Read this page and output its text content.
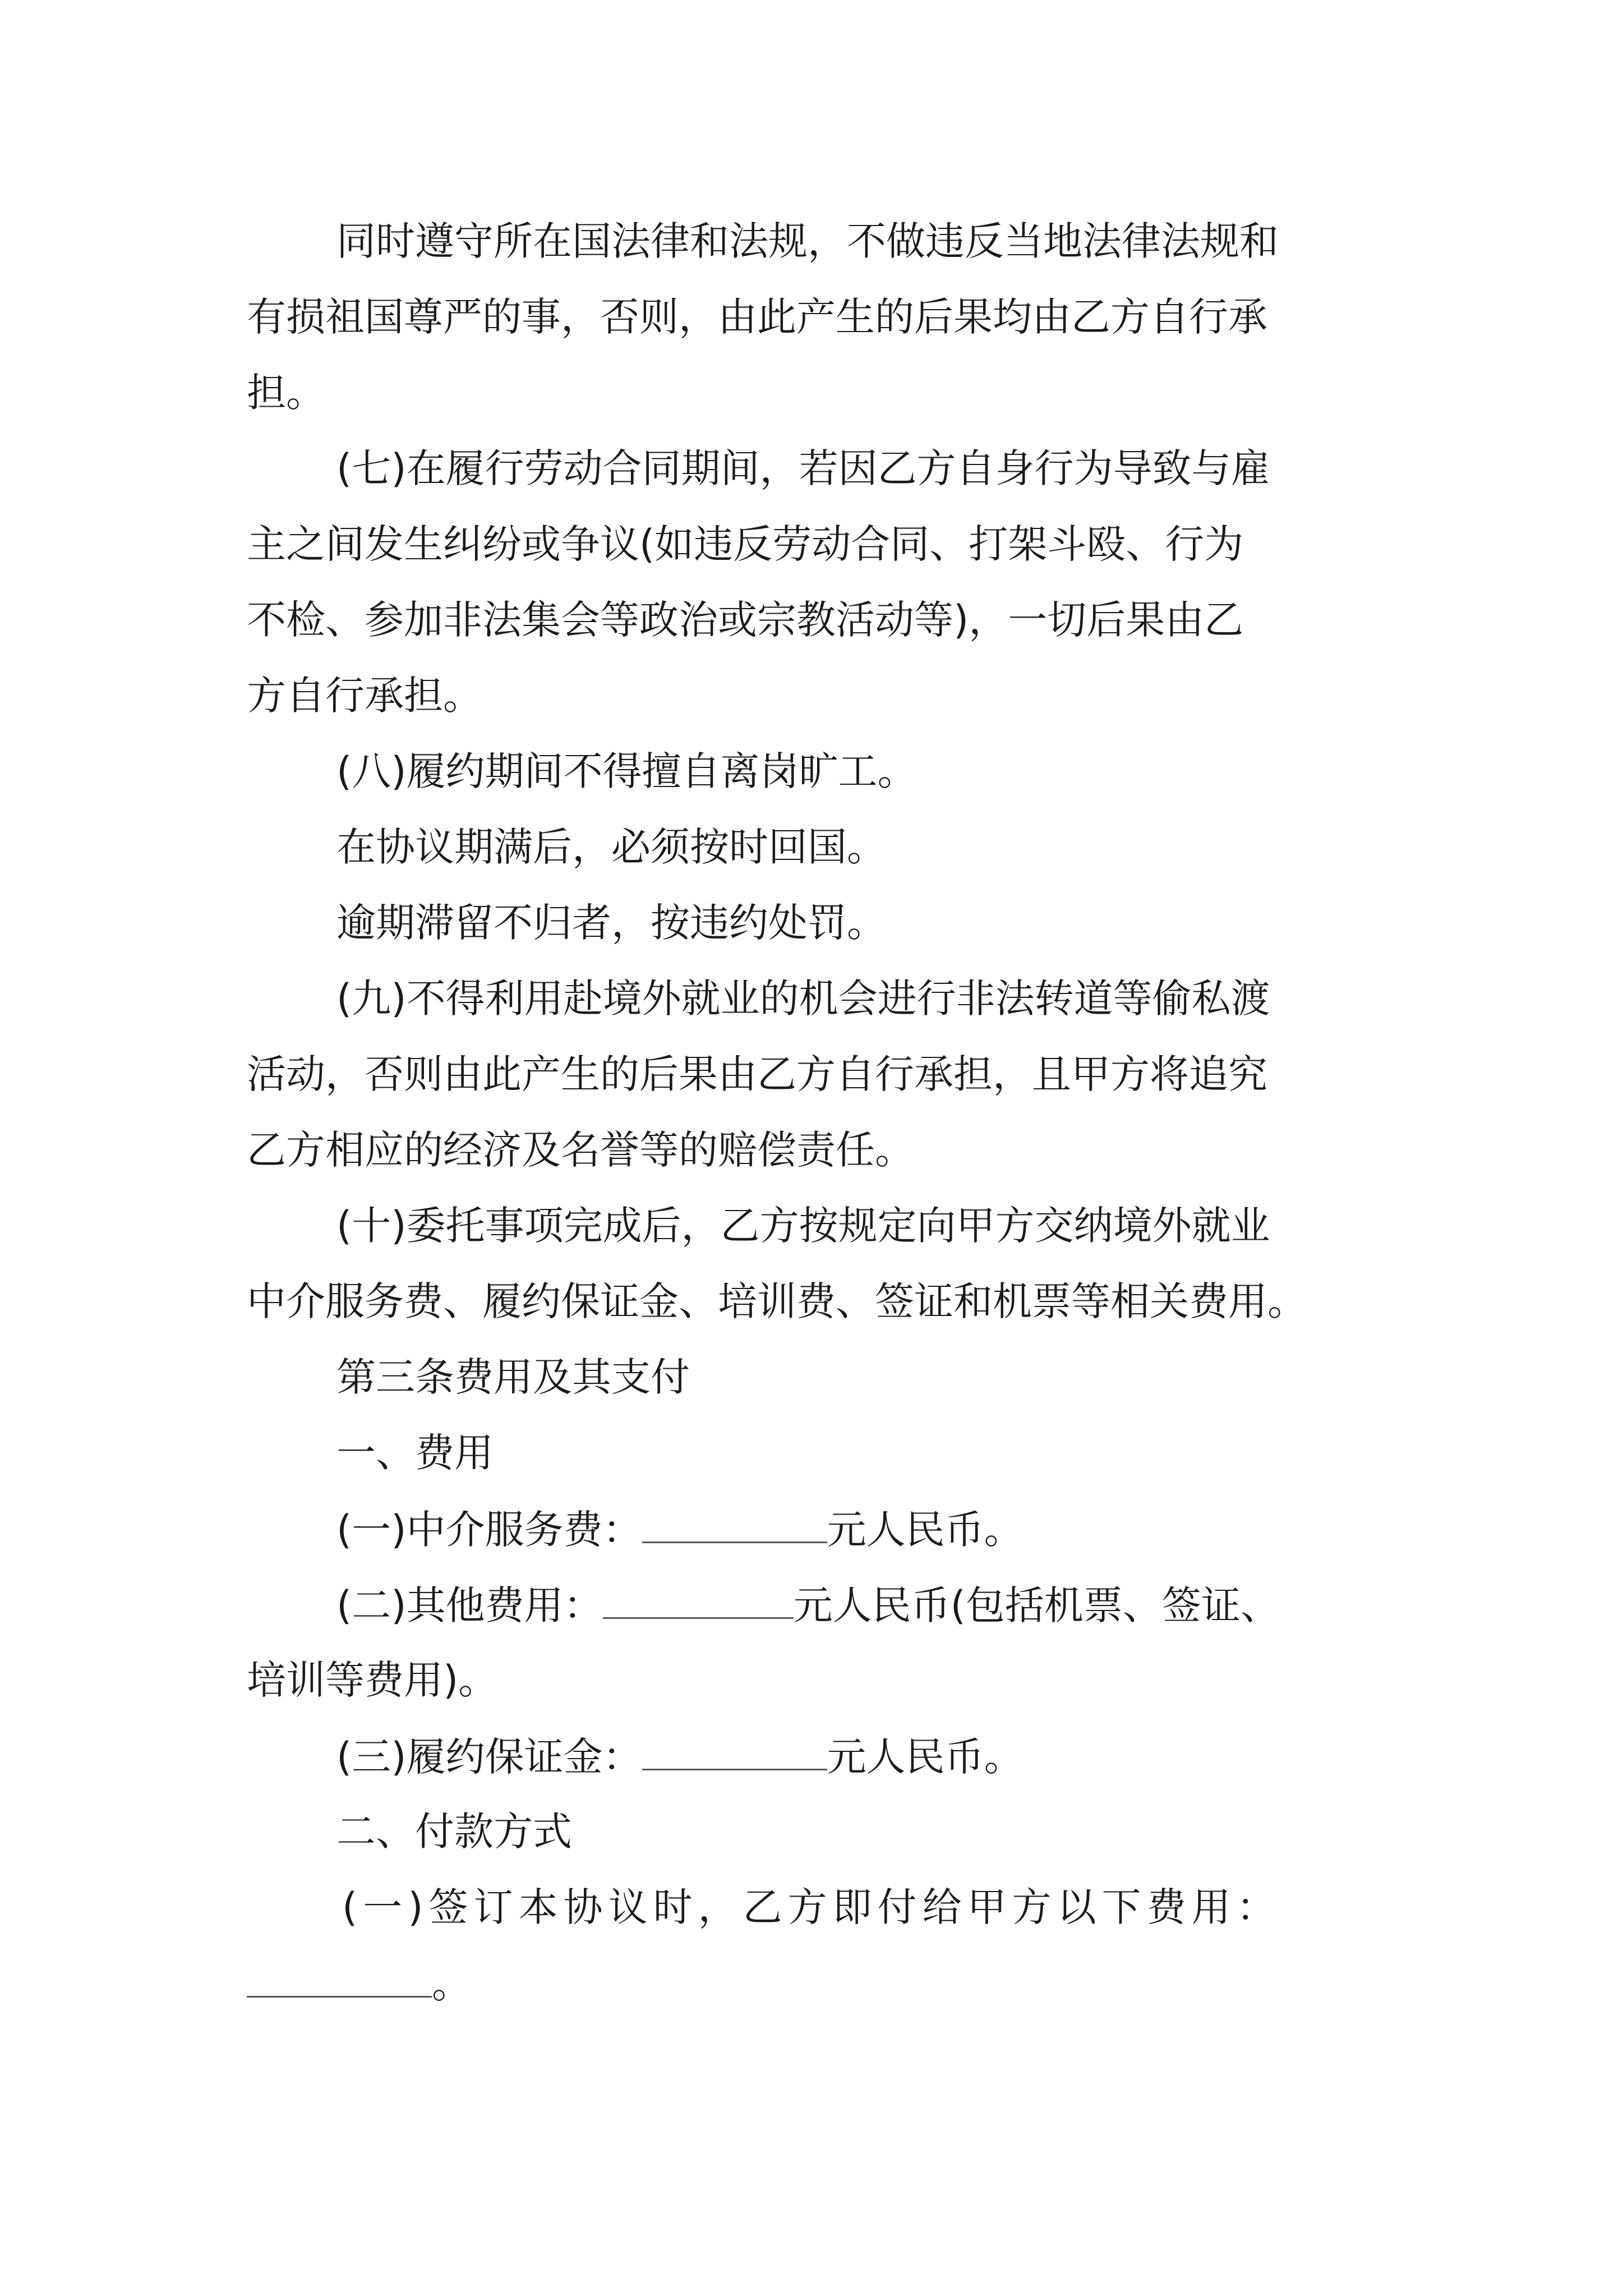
同时遵守所在国法律和法规，不做违反当地法律法规和
有损祖国尊严的事，否则，由此产生的后果均由乙方自行承
担。
(七)在履行劳动合同期间，若因乙方自身行为导致与雇
主之间发生纠纷或争议(如违反劳动合同、打架斗殴、行为
不检、参加非法集会等政治或宗教活动等)，一切后果由乙
方自行承担。
(八)履约期间不得擅自离岗旷工。
在协议期满后，必须按时回国。
逾期滞留不归者，按违约处罚。
(九)不得利用赴境外就业的机会进行非法转道等偷私渡
活动，否则由此产生的后果由乙方自行承担，且甲方将追究
乙方相应的经济及名誉等的赔偿责任。
(十)委托事项完成后，乙方按规定向甲方交纳境外就业
中介服务费、履约保证金、培训费、签证和机票等相关费用。
第三条费用及其支付
一、费用
(一)中介服务费：	元人民币。
(二)其他费用：	元人民币(包括机票、签证、
培训等费用)。
(三)履约保证金：	元人民币。
二、付款方式
(一)签订本协议时，乙方即付给甲方以下费用：
。
